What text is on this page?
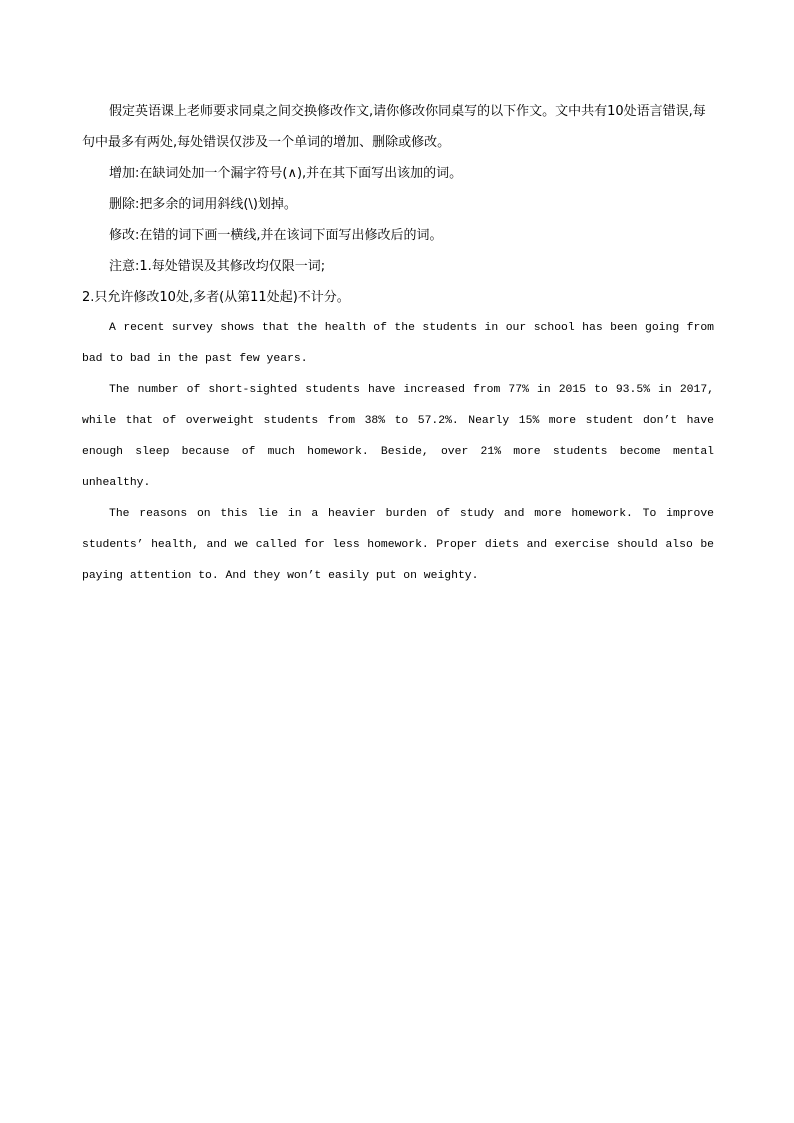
假定英语课上老师要求同桌之间交换修改作文,请你修改你同桌写的以下作文。文中共有10处语言错误,每句中最多有两处,每处错误仅涉及一个单词的增加、删除或修改。

增加:在缺词处加一个漏字符号(∧),并在其下面写出该加的词。

删除:把多余的词用斜线(\)划掉。

修改:在错的词下画一横线,并在该词下面写出修改后的词。

注意:1.每处错误及其修改均仅限一词;

2.只允许修改10处,多者(从第11处起)不计分。

A recent survey shows that the health of the students in our school has been going from bad to bad in the past few years.

The number of short-sighted students have increased from 77% in 2015 to 93.5% in 2017, while that of overweight students from 38% to 57.2%. Nearly 15% more student don’t have enough sleep because of much homework. Beside, over 21% more students become mental unhealthy.

The reasons on this lie in a heavier burden of study and more homework. To improve students’ health, and we called for less homework. Proper diets and exercise should also be paying attention to. And they won’t easily put on weighty.
